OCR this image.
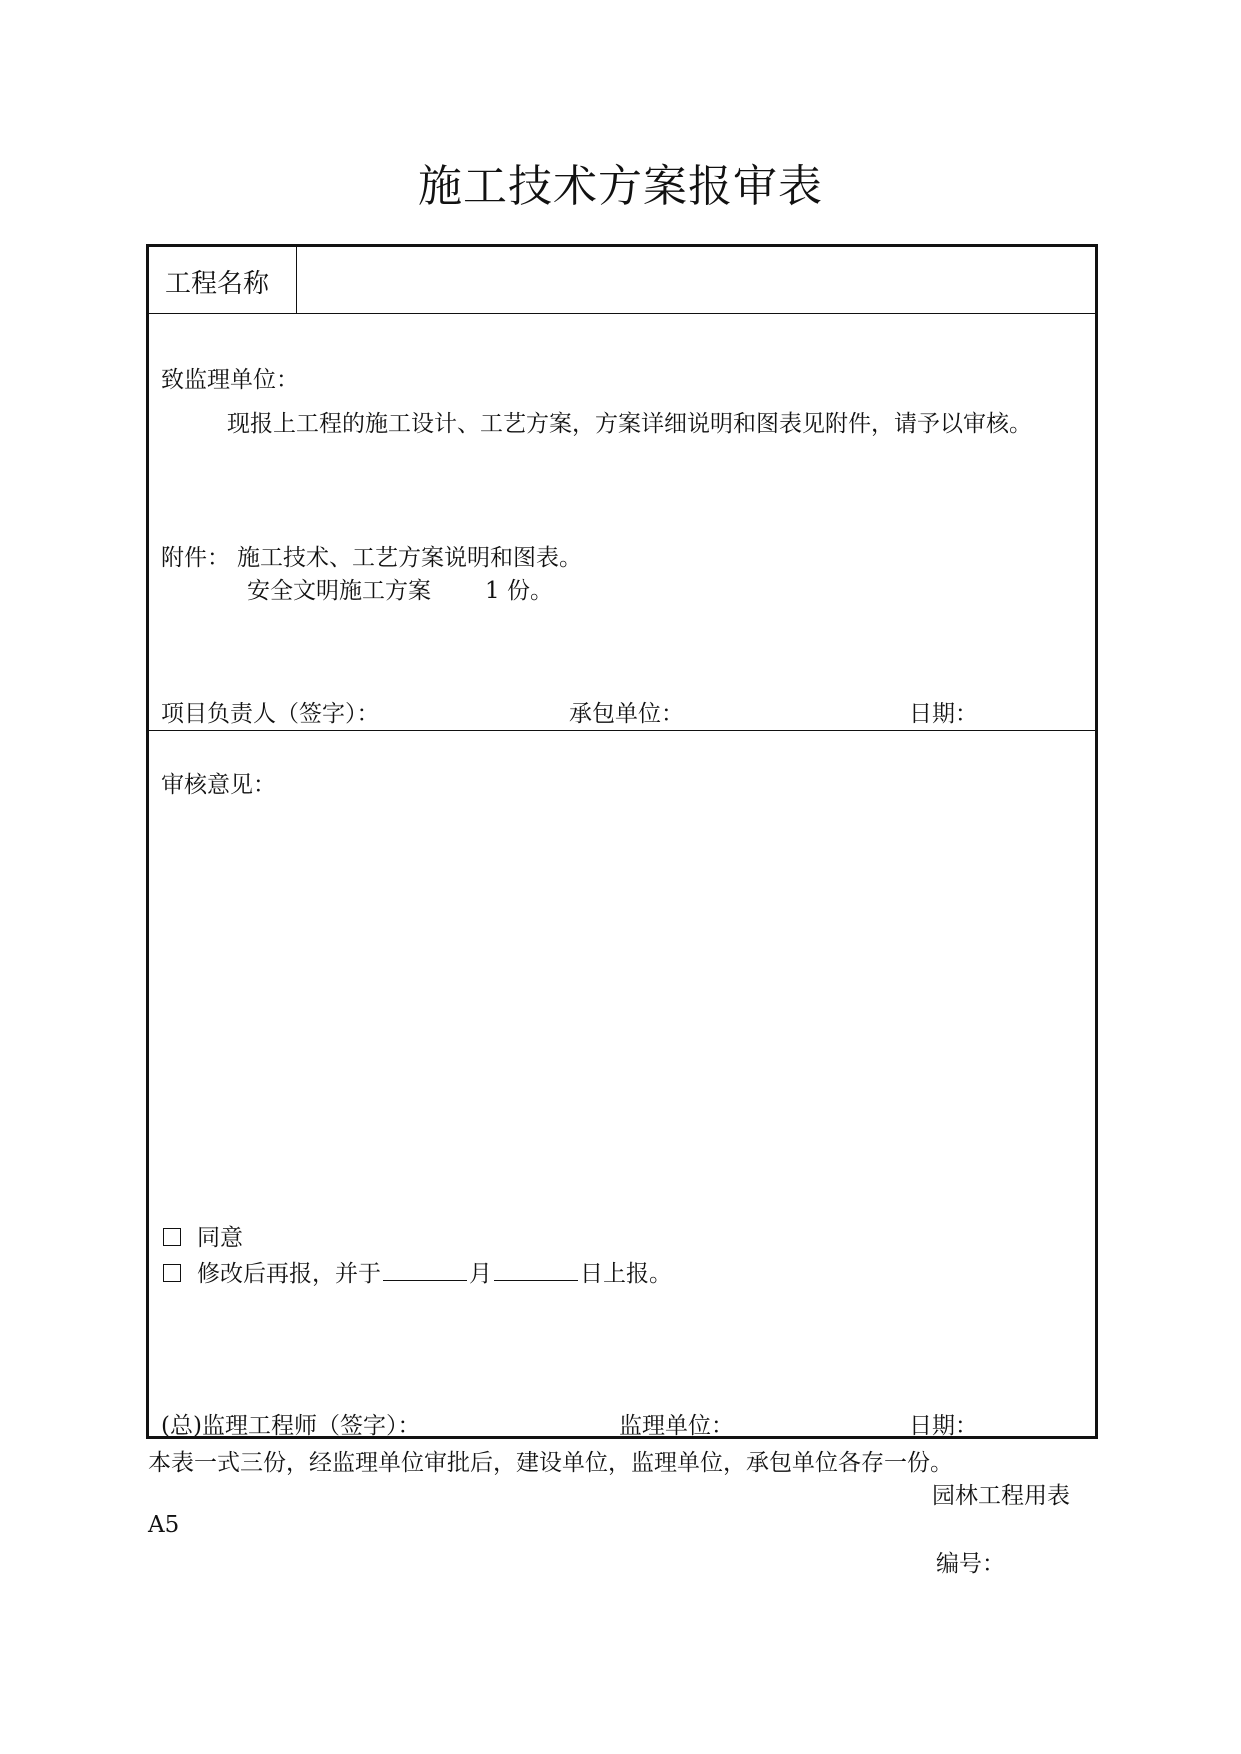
施工技术方案报审表
工程名称
致监理单位：
现报上工程的施工设计、工艺方案，方案详细说明和图表见附件，请予以审核。
附件： 施工技术、工艺方案说明和图表。
安全文明施工方案 1 份。
项目负责人（签字）：	承包单位：	日期：
审核意见：
同意
修改后再报，并于	月	日上报。
(总)监理工程师（签字）：	监理单位：	日期：
本表一式三份，经监理单位审批后，建设单位，监理单位，承包单位各存一份。
园林工程用表
A5
编号：
